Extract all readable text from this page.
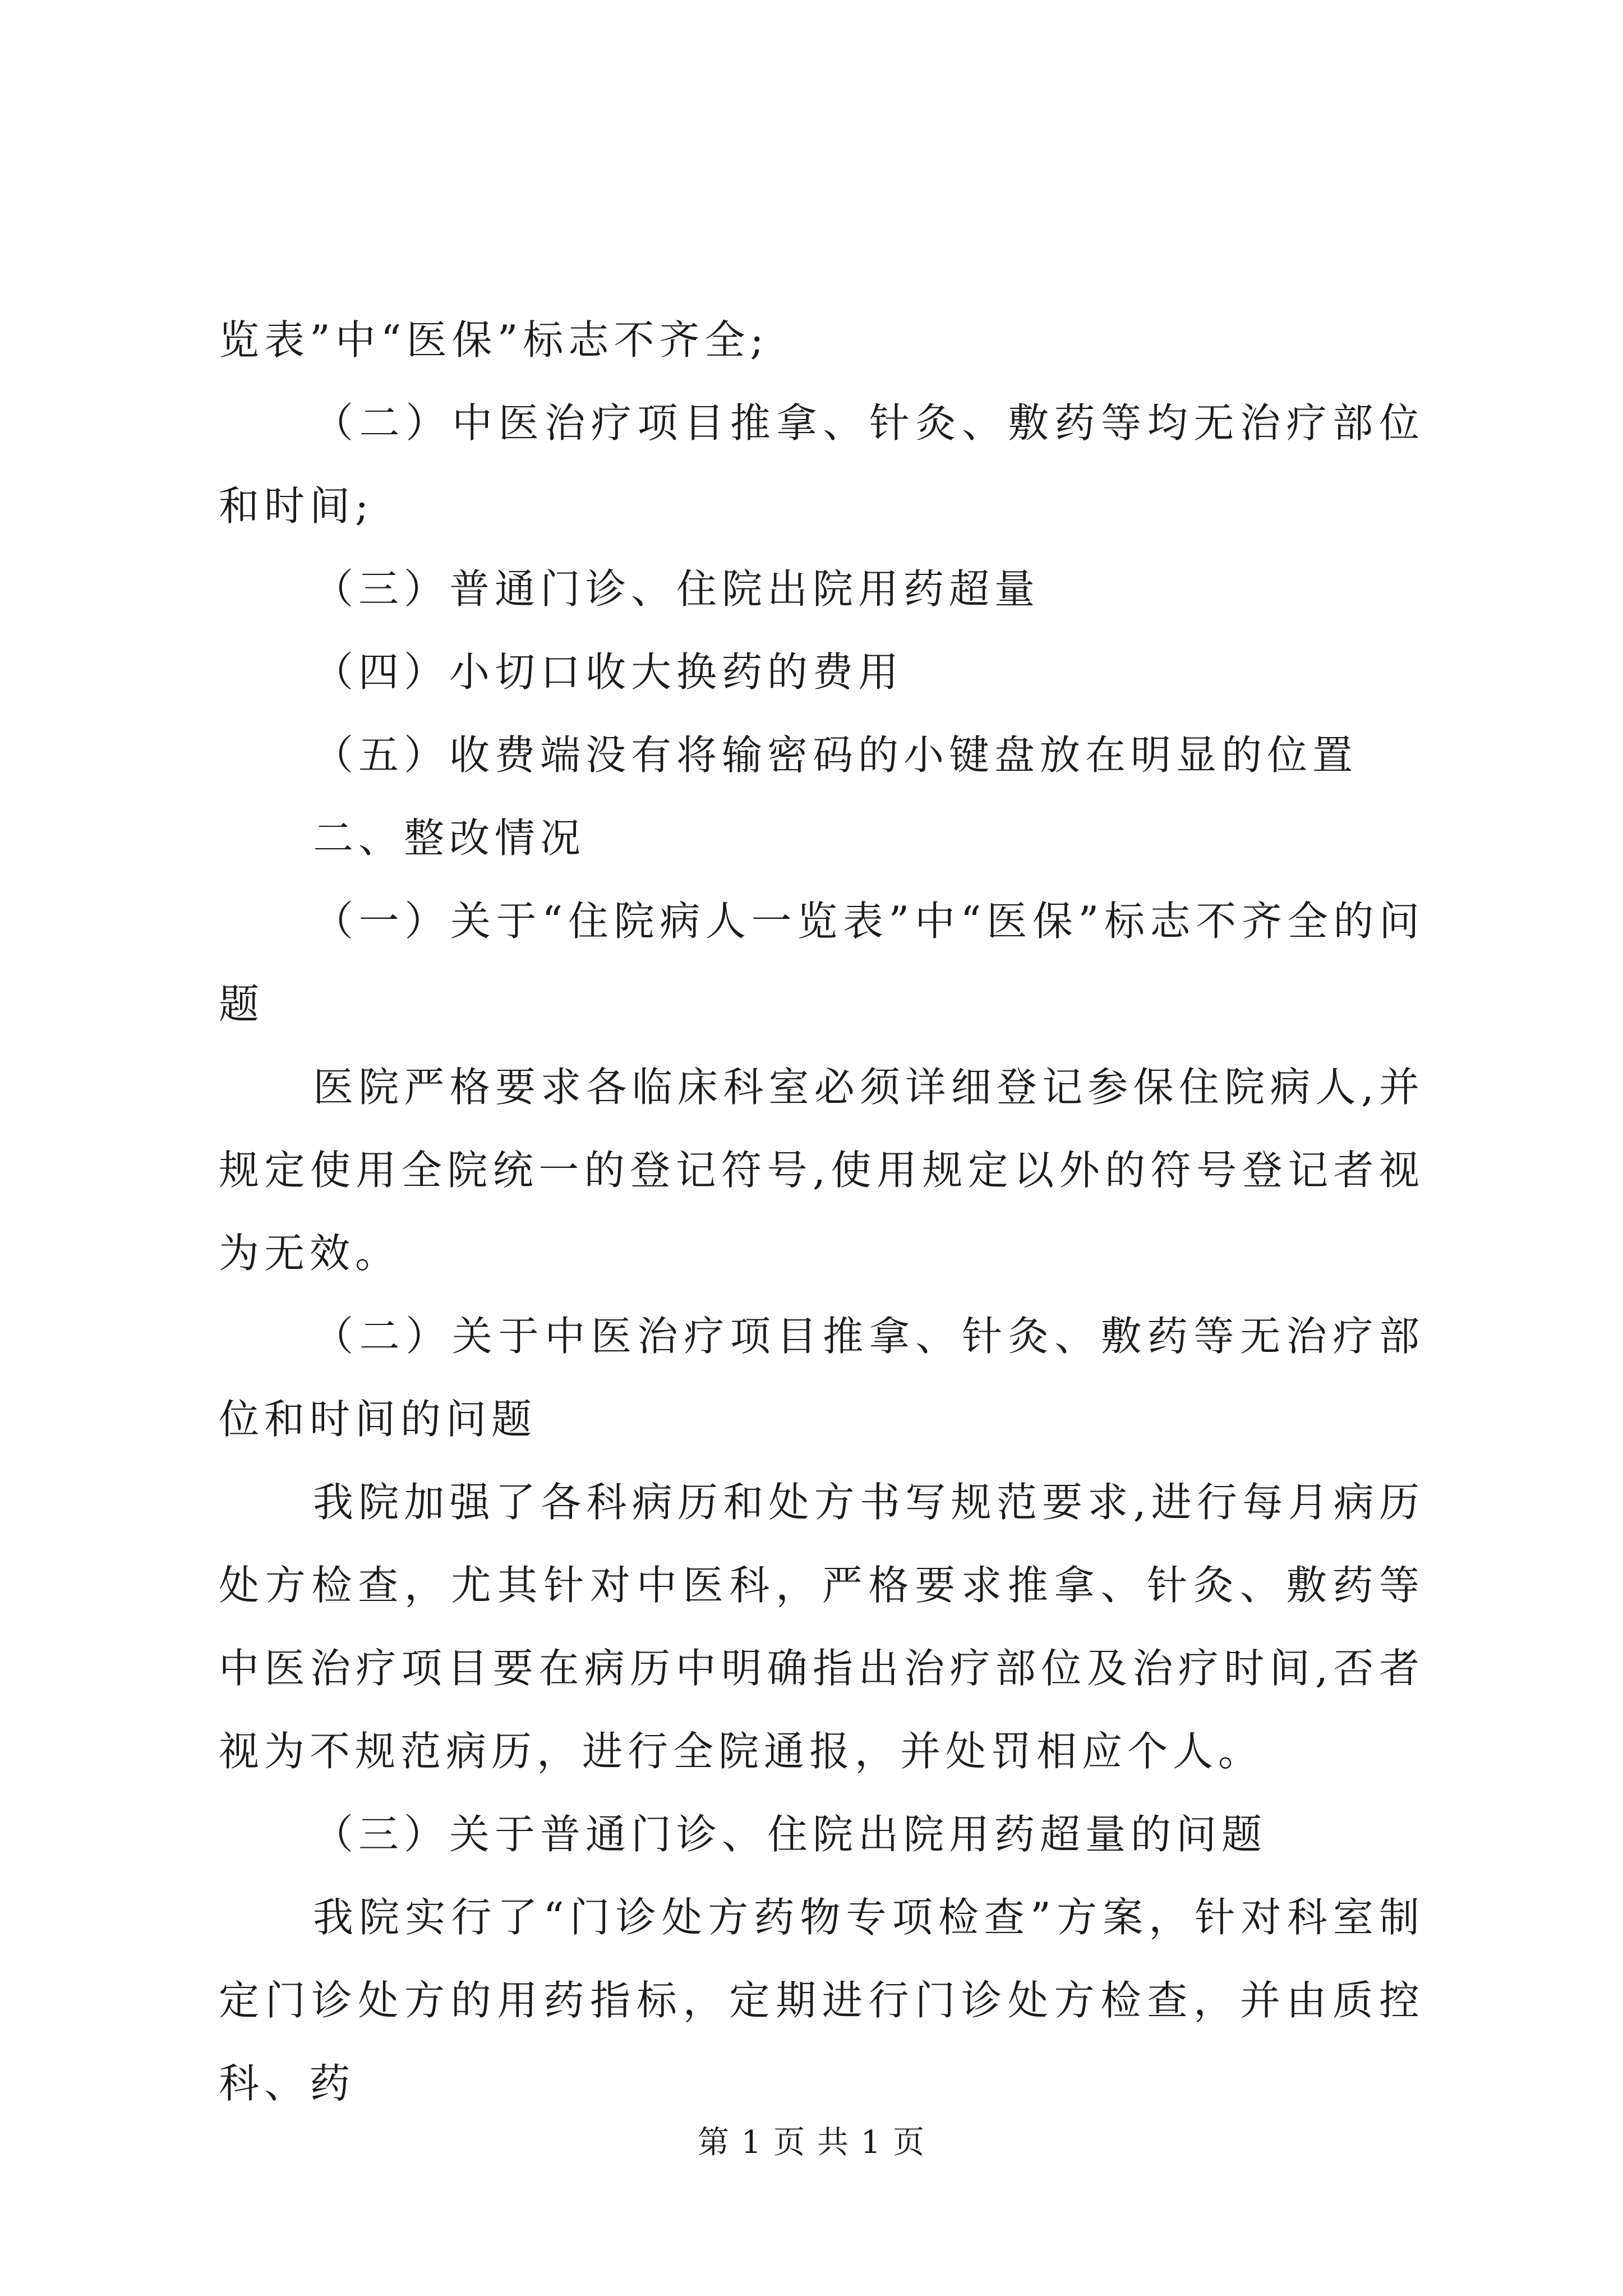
览表”中“医保”标志不齐全;

（二）中医治疗项目推拿、针灸、敷药等均无治疗部位和时间;

（三）普通门诊、住院出院用药超量

（四）小切口收大换药的费用

（五）收费端没有将输密码的小键盘放在明显的位置

二、整改情况

（一）关于“住院病人一览表”中“医保”标志不齐全的问题

医院严格要求各临床科室必须详细登记参保住院病人,并规定使用全院统一的登记符号,使用规定以外的符号登记者视为无效。

（二）关于中医治疗项目推拿、针灸、敷药等无治疗部位和时间的问题

我院加强了各科病历和处方书写规范要求,进行每月病历处方检查，尤其针对中医科，严格要求推拿、针灸、敷药等中医治疗项目要在病历中明确指出治疗部位及治疗时间,否者视为不规范病历，进行全院通报，并处罚相应个人。

（三）关于普通门诊、住院出院用药超量的问题

我院实行了“门诊处方药物专项检查”方案，针对科室制定门诊处方的用药指标，定期进行门诊处方检查，并由质控科、药

第 1 页 共 1 页
